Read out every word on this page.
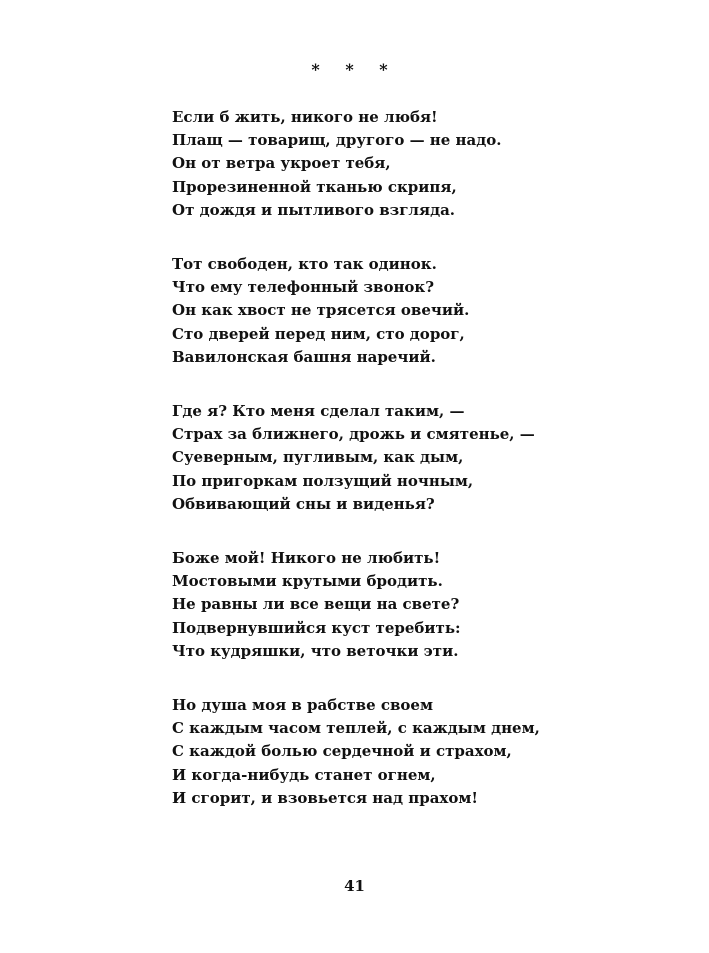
* * *
Если б жить, никого не любя!
Плащ — товарищ, другого — не надо.
Он от ветра укроет тебя,
Прорезиненной тканью скрипя,
От дождя и пытливого взгляда.
Тот свободен, кто так одинок.
Что ему телефонный звонок?
Он как хвост не трясется овечий.
Сто дверей перед ним, сто дорог,
Вавилонская башня наречий.
Где я? Кто меня сделал таким, —
Страх за ближнего, дрожь и смятенье, —
Суеверным, пугливым, как дым,
По пригоркам ползущий ночным,
Обвивающий сны и виденья?
Боже мой! Никого не любить!
Мостовыми крутыми бродить.
Не равны ли все вещи на свете?
Подвернувшийся куст теребить:
Что кудряшки, что веточки эти.
Но душа моя в рабстве своем
С каждым часом теплей, с каждым днем,
С каждой болью сердечной и страхом,
И когда-нибудь станет огнем,
И сгорит, и взовьется над прахом!
41
